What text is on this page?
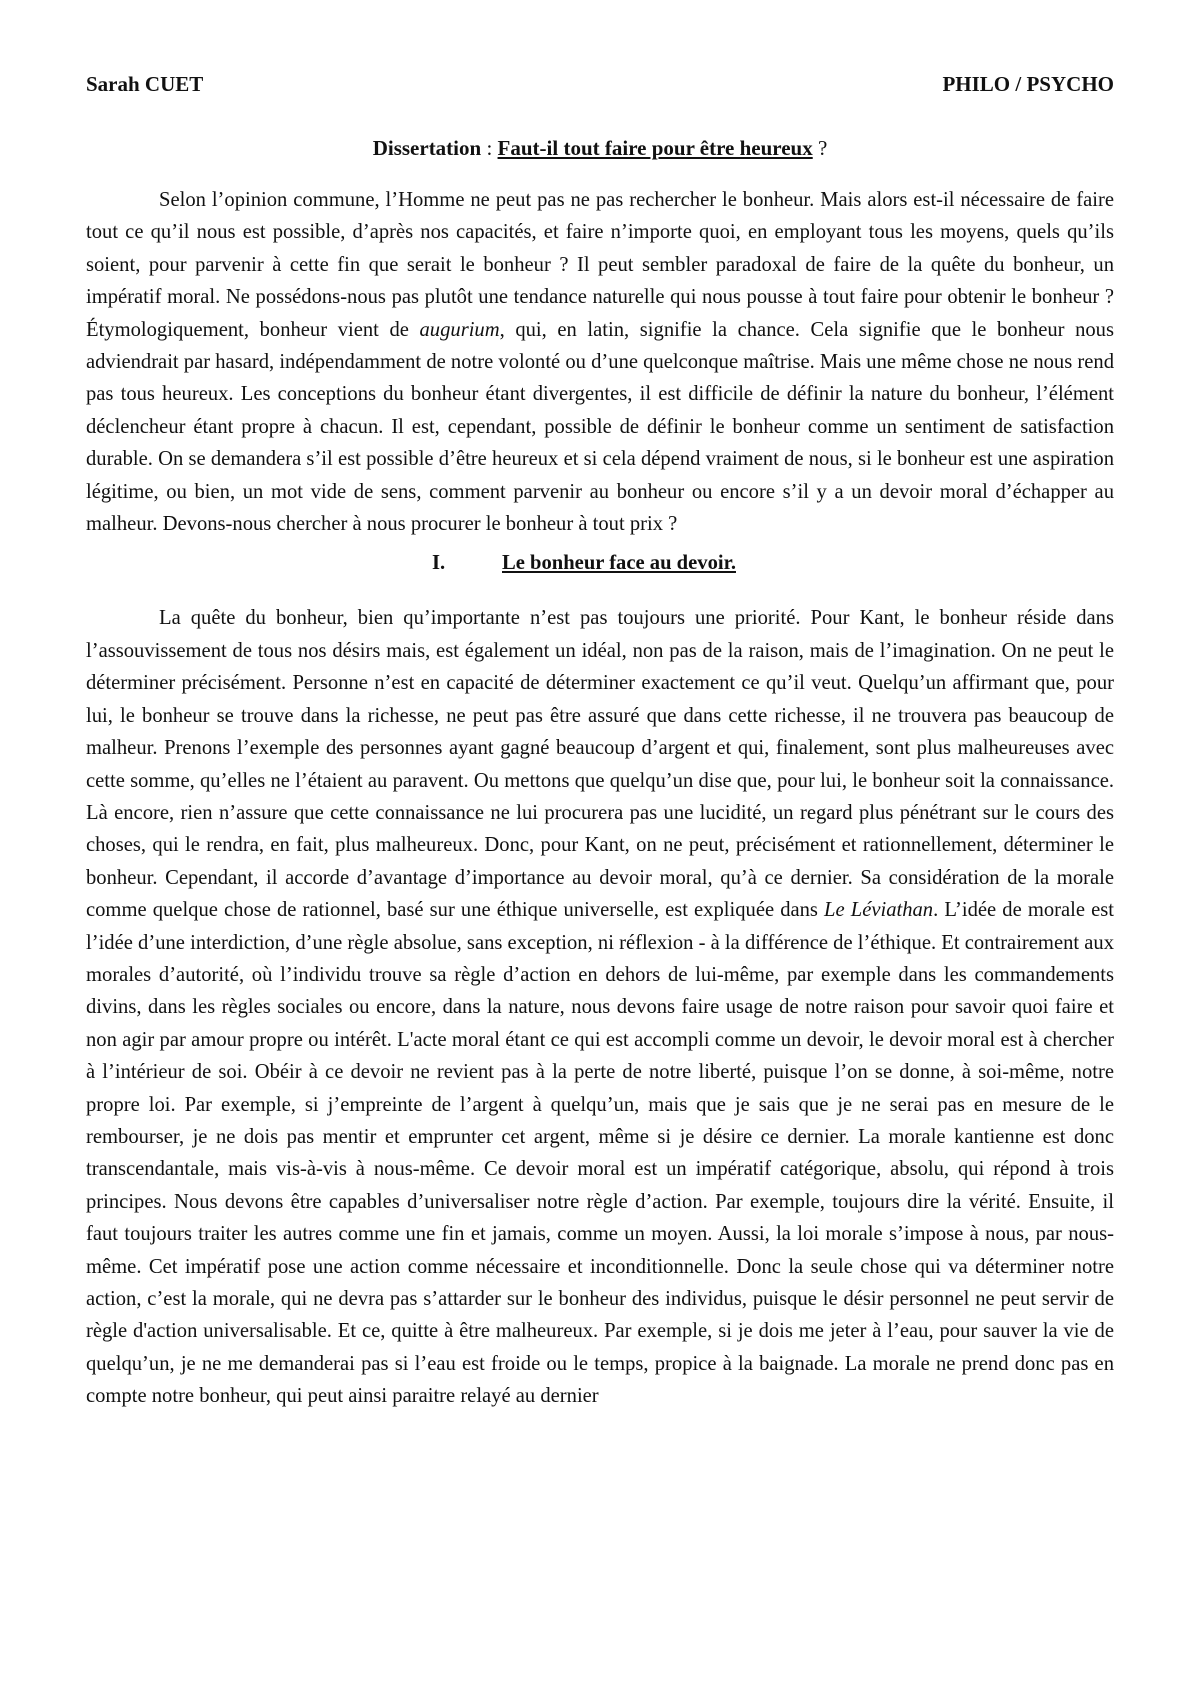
Sarah CUET	PHILO / PSYCHO
Dissertation : Faut-il tout faire pour être heureux ?

Selon l’opinion commune, l’Homme ne peut pas ne pas rechercher le bonheur. Mais alors est-il nécessaire de faire tout ce qu’il nous est possible, d’après nos capacités, et faire n’importe quoi, en employant tous les moyens, quels qu’ils soient, pour parvenir à cette fin que serait le bonheur ? Il peut sembler paradoxal de faire de la quête du bonheur, un impératif moral. Ne possédons-nous pas plutôt une tendance naturelle qui nous pousse à tout faire pour obtenir le bonheur ? Étymologiquement, bonheur vient de augurium, qui, en latin, signifie la chance. Cela signifie que le bonheur nous adviendrait par hasard, indépendamment de notre volonté ou d’une quelconque maîtrise. Mais une même chose ne nous rend pas tous heureux. Les conceptions du bonheur étant divergentes, il est difficile de définir la nature du bonheur, l’élément déclencheur étant propre à chacun. Il est, cependant, possible de définir le bonheur comme un sentiment de satisfaction durable. On se demandera s’il est possible d’être heureux et si cela dépend vraiment de nous, si le bonheur est une aspiration légitime, ou bien, un mot vide de sens, comment parvenir au bonheur ou encore s’il y a un devoir moral d’échapper au malheur. Devons-nous chercher à nous procurer le bonheur à tout prix ?

I.	Le bonheur face au devoir.

La quête du bonheur, bien qu’importante n’est pas toujours une priorité. Pour Kant, le bonheur réside dans l’assouvissement de tous nos désirs mais, est également un idéal, non pas de la raison, mais de l’imagination. On ne peut le déterminer précisément. Personne n’est en capacité de déterminer exactement ce qu’il veut. Quelqu’un affirmant que, pour lui, le bonheur se trouve dans la richesse, ne peut pas être assuré que dans cette richesse, il ne trouvera pas beaucoup de malheur. Prenons l’exemple des personnes ayant gagné beaucoup d’argent et qui, finalement, sont plus malheureuses avec cette somme, qu’elles ne l’étaient au paravent. Ou mettons que quelqu’un dise que, pour lui, le bonheur soit la connaissance. Là encore, rien n’assure que cette connaissance ne lui procurera pas une lucidité, un regard plus pénétrant sur le cours des choses, qui le rendra, en fait, plus malheureux. Donc, pour Kant, on ne peut, précisément et rationnellement, déterminer le bonheur. Cependant, il accorde d’avantage d’importance au devoir moral, qu’à ce dernier. Sa considération de la morale comme quelque chose de rationnel, basé sur une éthique universelle, est expliquée dans Le Léviathan. L’idée de morale est l’idée d’une interdiction, d’une règle absolue, sans exception, ni réflexion - à la différence de l’éthique. Et contrairement aux morales d’autorité, où l’individu trouve sa règle d’action en dehors de lui-même, par exemple dans les commandements divins, dans les règles sociales ou encore, dans la nature, nous devons faire usage de notre raison pour savoir quoi faire et non agir par amour propre ou intérêt. L'acte moral étant ce qui est accompli comme un devoir, le devoir moral est à chercher à l’intérieur de soi. Obéir à ce devoir ne revient pas à la perte de notre liberté, puisque l’on se donne, à soi-même, notre propre loi. Par exemple, si j’empreinte de l’argent à quelqu’un, mais que je sais que je ne serai pas en mesure de le rembourser, je ne dois pas mentir et emprunter cet argent, même si je désire ce dernier. La morale kantienne est donc transcendantale, mais vis-à-vis à nous-même. Ce devoir moral est un impératif catégorique, absolu, qui répond à trois principes. Nous devons être capables d’universaliser notre règle d’action. Par exemple, toujours dire la vérité. Ensuite, il faut toujours traiter les autres comme une fin et jamais, comme un moyen. Aussi, la loi morale s’impose à nous, par nous-même. Cet impératif pose une action comme nécessaire et inconditionnelle. Donc la seule chose qui va déterminer notre action, c’est la morale, qui ne devra pas s’attarder sur le bonheur des individus, puisque le désir personnel ne peut servir de règle d'action universalisable. Et ce, quitte à être malheureux. Par exemple, si je dois me jeter à l’eau, pour sauver la vie de quelqu’un, je ne me demanderai pas si l’eau est froide ou le temps, propice à la baignade. La morale ne prend donc pas en compte notre bonheur, qui peut ainsi paraitre relayé au dernier
